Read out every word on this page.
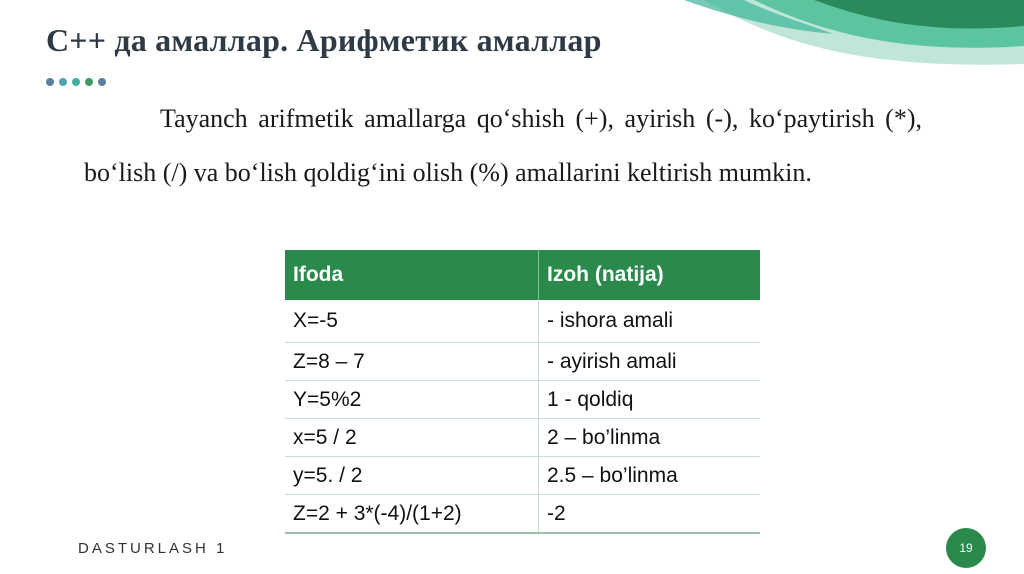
C++ да амаллар. Арифметик амаллар

Tayanch arifmetik amallarga qo‘shish (+), ayirish (-), ko‘paytirish (*), bo‘lish (/) va bo‘lish qoldig‘ini olish (%) amallarini keltirish mumkin.

Ifoda	Izoh (natija)
X=-5	- ishora amali
Z=8 – 7	- ayirish amali
Y=5%2	1 - qoldiq
x=5 / 2	2 – bo’linma
y=5. / 2	2.5 – bo’linma
Z=2 + 3*(-4)/(1+2)	-2
DASTURLASH 1	19
